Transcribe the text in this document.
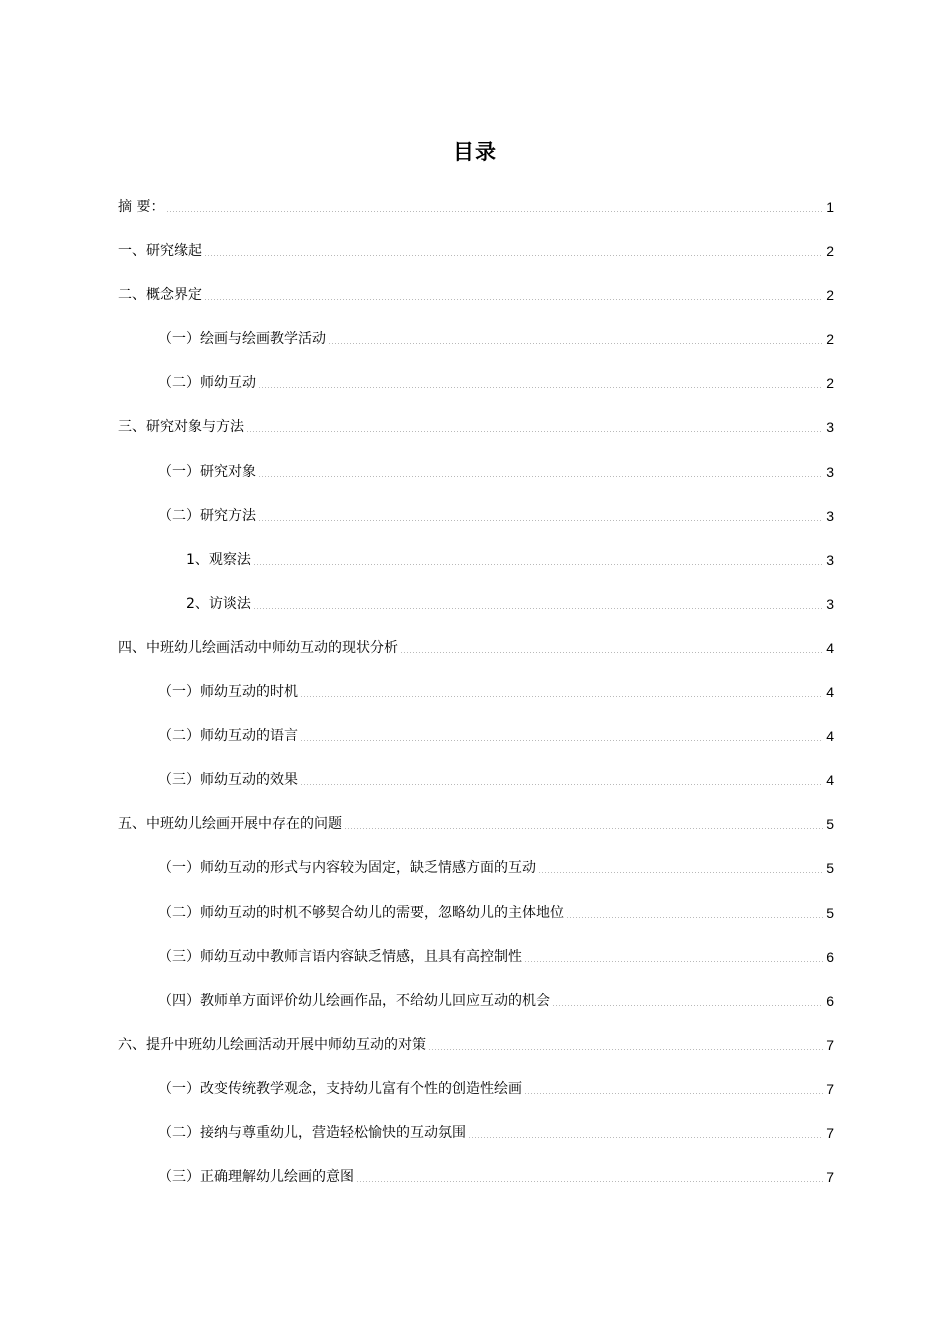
目录
摘 要：	1
一、研究缘起	2
二、概念界定	2
（一）绘画与绘画教学活动	2
（二）师幼互动	2
三、研究对象与方法	3
（一）研究对象	3
（二）研究方法	3
1、观察法	3
2、访谈法	3
四、中班幼儿绘画活动中师幼互动的现状分析	4
（一）师幼互动的时机	4
（二）师幼互动的语言	4
（三）师幼互动的效果	4
五、中班幼儿绘画开展中存在的问题	5
（一）师幼互动的形式与内容较为固定，缺乏情感方面的互动	5
（二）师幼互动的时机不够契合幼儿的需要，忽略幼儿的主体地位	5
（三）师幼互动中教师言语内容缺乏情感，且具有高控制性	6
（四）教师单方面评价幼儿绘画作品，不给幼儿回应互动的机会	6
六、提升中班幼儿绘画活动开展中师幼互动的对策	7
（一）改变传统教学观念，支持幼儿富有个性的创造性绘画	7
（二）接纳与尊重幼儿，营造轻松愉快的互动氛围	7
（三）正确理解幼儿绘画的意图	7
